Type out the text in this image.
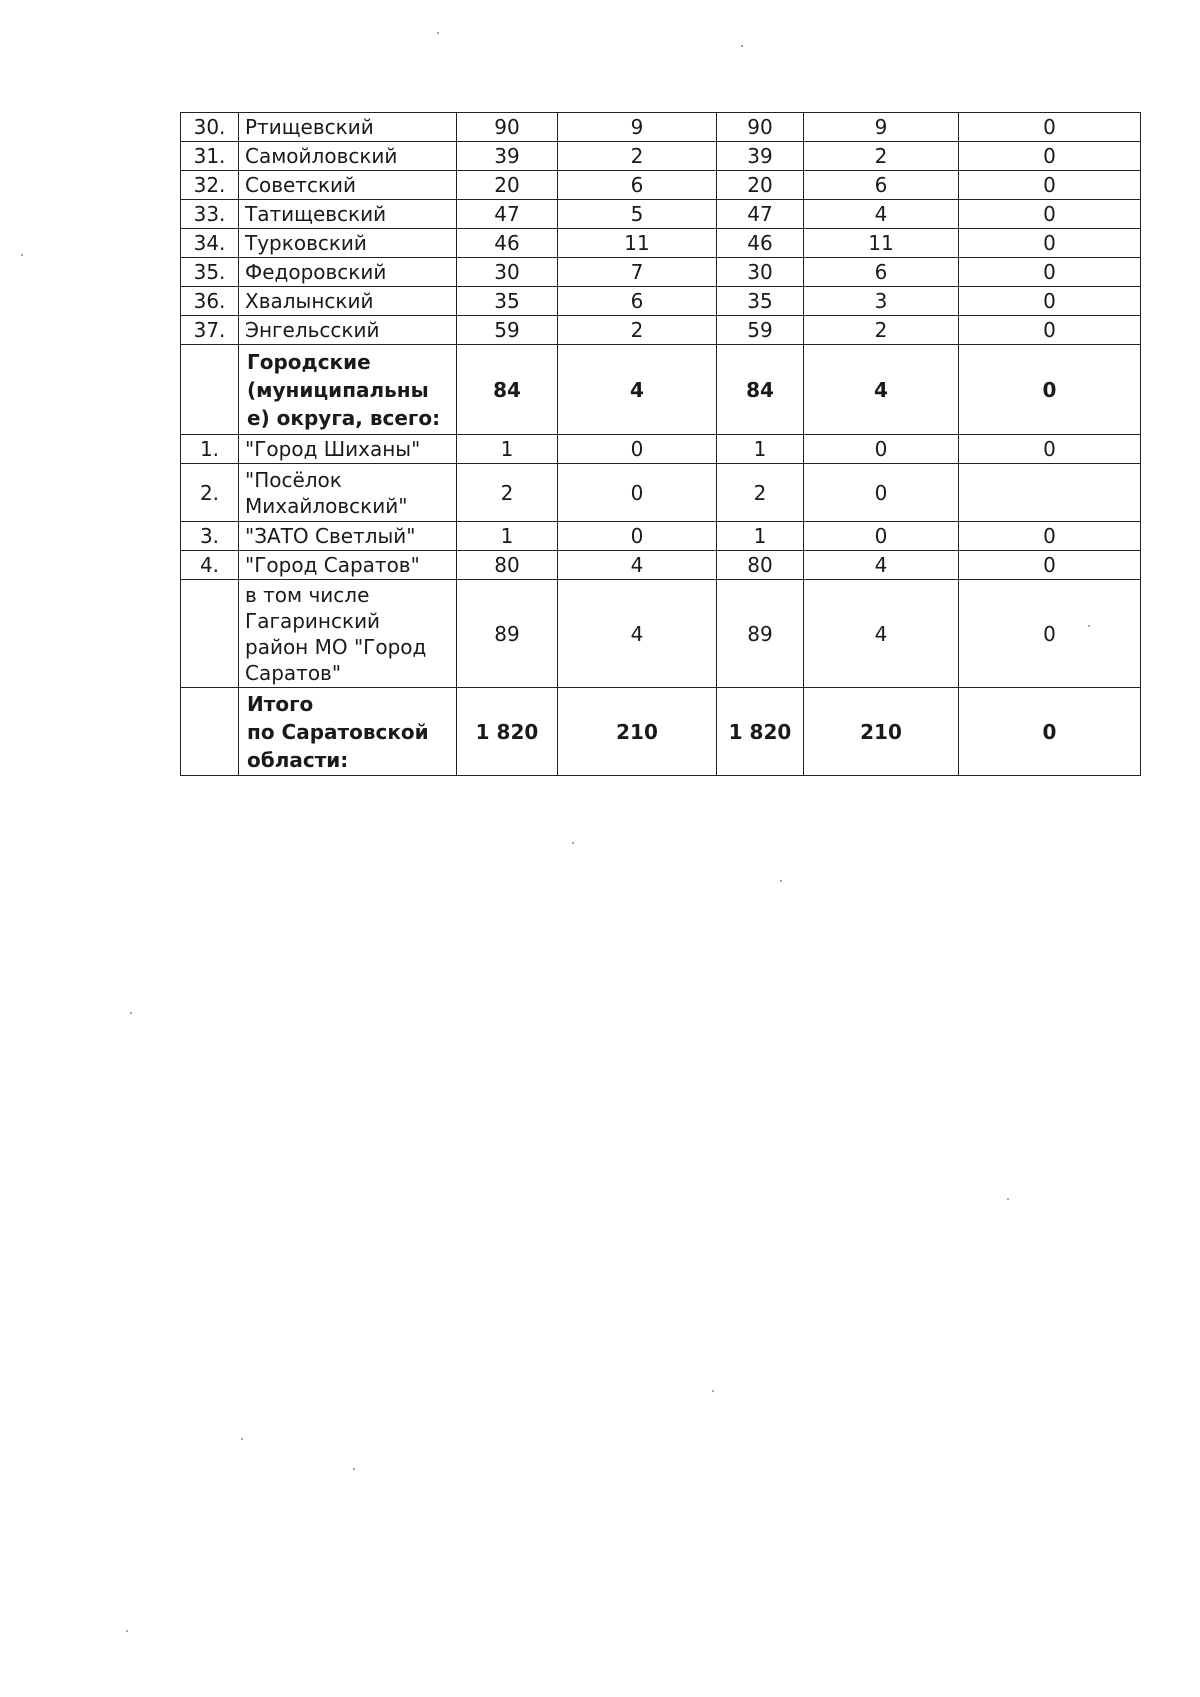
30.	Ртищевский	90	9	90	9	0
31.	Самойловский	39	2	39	2	0
32.	Советский	20	6	20	6	0
33.	Татищевский	47	5	47	4	0
34.	Турковский	46	11	46	11	0
35.	Федоровский	30	7	30	6	0
36.	Хвалынский	35	6	35	3	0
37.	Энгельсский	59	2	59	2	0

	Городские
(муниципальны
е) округа, всего:	84	4	84	4	0
1.	"Город Шиханы"	1	0	1	0	0
2.	"Посёлок
Михайловский"	2	0	2	0	
3.	"ЗАТО Светлый"	1	0	1	0	0
4.	"Город Саратов"	80	4	80	4	0

	в том числе
Гагаринский
район МО "Город
Саратов"	89	4	89	4	0

	Итого
по Саратовской
области:	1 820	210	1 820	210	0
